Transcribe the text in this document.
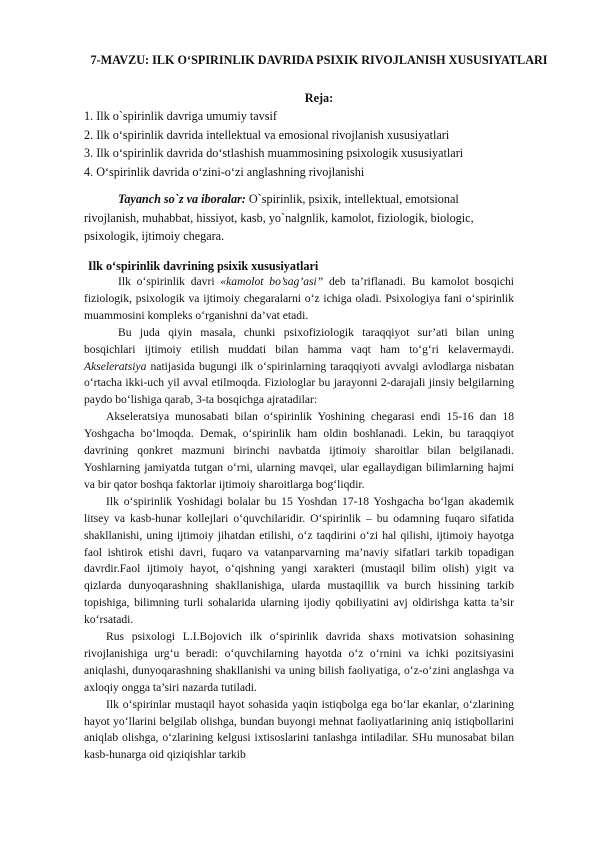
7-MAVZU: ILK O‘SPIRINLIK DAVRIDA PSIXIK RIVOJLANISH XUSUSIYATLARI
Reja:
1. Ilk o`spirinlik davriga umumiy tavsif
2. Ilk o‘spirinlik davrida intellektual va emosional rivojlanish xususiyatlari
3. Ilk o‘spirinlik davrida do‘stlashish muammosining psixologik xususiyatlari
4. O‘spirinlik davrida o‘zini-o‘zi anglashning rivojlanishi

Tayanch so`z va iboralar: O`spirinlik, psixik, intellektual, emotsional rivojlanish, muhabbat, hissiyot, kasb, yo`nalgnlik, kamolot, fiziologik, biologic, psixologik, ijtimoiy chegara.

Ilk o‘spirinlik davrining psixik xususiyatlari

Ilk o‘spirinlik davri «kamolot bo’sag’asi” deb ta’riflanadi. Bu kamolot bosqichi fiziologik, psixologik va ijtimoiy chegaralarni o‘z ichiga oladi. Psixologiya fani o‘spirinlik muammosini kompleks o‘rganishni da’vat etadi.

Bu juda qiyin masala, chunki psixofiziologik taraqqiyot sur’ati bilan uning bosqichlari ijtimoiy etilish muddati bilan hamma vaqt ham to‘g‘ri kelavermaydi. Akseleratsiya natijasida bugungi ilk o‘spirinlarning taraqqiyoti avvalgi avlodlarga nisbatan o‘rtacha ikki-uch yil avval etilmoqda. Fiziologlar bu jarayonni 2-darajali jinsiy belgilarning paydo bo‘lishiga qarab, 3-ta bosqichga ajratadilar:

Akseleratsiya munosabati bilan o‘spirinlik Yoshining chegarasi endi 15-16 dan 18 Yoshgacha bo‘lmoqda. Demak, o‘spirinlik ham oldin boshlanadi. Lekin, bu taraqqiyot davrining qonkret mazmuni birinchi navbatda ijtimoiy sharoitlar bilan belgilanadi. Yoshlarning jamiyatda tutgan o‘rni, ularning mavqei, ular egallaydigan bilimlarning hajmi va bir qator boshqa faktorlar ijtimoiy sharoitlarga bog‘liqdir.

Ilk o‘spirinlik Yoshidagi bolalar bu 15 Yoshdan 17-18 Yoshgacha bo‘lgan akademik litsey va kasb-hunar kollejlari o‘quvchilaridir. O‘spirinlik – bu odamning fuqaro sifatida shakllanishi, uning ijtimoiy jihatdan etilishi, o‘z taqdirini o‘zi hal qilishi, ijtimoiy hayotga faol ishtirok etishi davri, fuqaro va vatanparvarning ma’naviy sifatlari tarkib topadigan davrdir.Faol ijtimoiy hayot, o‘qishning yangi xarakteri (mustaqil bilim olish) yigit va qizlarda dunyoqarashning shakllanishiga, ularda mustaqillik va burch hissining tarkib topishiga, bilimning turli sohalarida ularning ijodiy qobiliyatini avj oldirishga katta ta’sir ko‘rsatadi.

Rus psixologi L.I.Bojovich ilk o‘spirinlik davrida shaxs motivatsion sohasining rivojlanishiga urg‘u beradi: o‘quvchilarning hayotda o‘z o‘rnini va ichki pozitsiyasini aniqlashi, dunyoqarashning shakllanishi va uning bilish faoliyatiga, o‘z-o‘zini anglashga va axloqiy ongga ta’siri nazarda tutiladi.

Ilk o‘spirinlar mustaqil hayot sohasida yaqin istiqbolga ega bo‘lar ekanlar, o‘zlarining hayot yo‘llarini belgilab olishga, bundan buyongi mehnat faoliyatlarining aniq istiqbollarini aniqlab olishga, o‘zlarining kelgusi ixtisoslarini tanlashga intiladilar. SHu munosabat bilan kasb-hunarga oid qiziqishlar tarkib
